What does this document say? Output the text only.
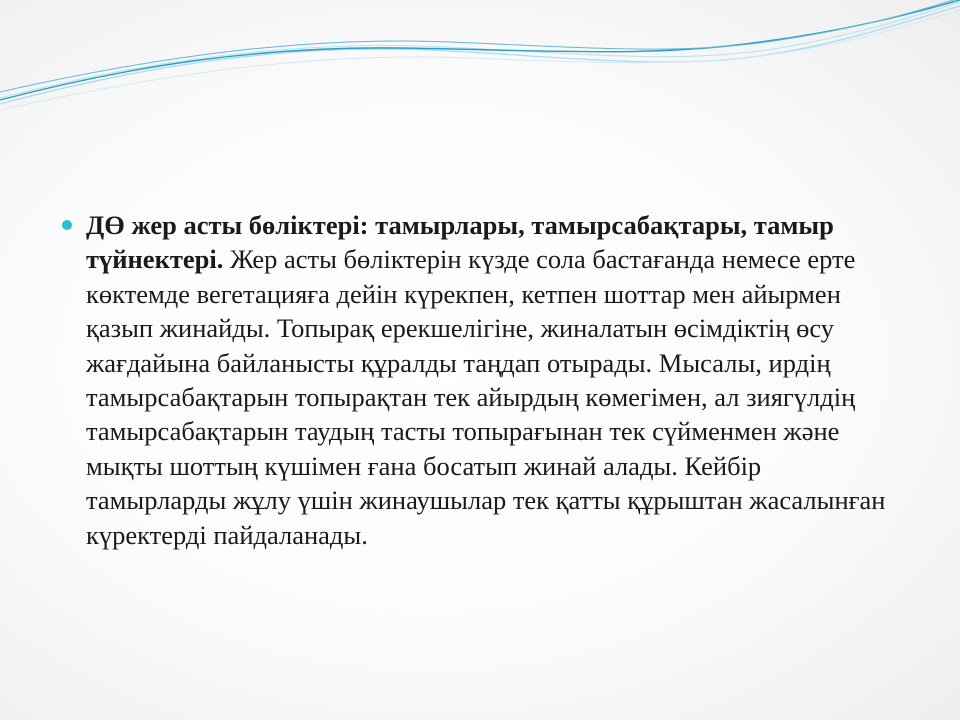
ДӨ жер асты бөліктері: тамырлары, тамырсабақтары, тамыр түйнектері. Жер асты бөліктерін күзде сола бастағанда немесе ерте көктемде вегетацияға дейін күрекпен, кетпен шоттар мен айырмен қазып жинайды. Топырақ ерекшелігіне, жиналатын өсімдіктің өсу жағдайына байланысты құралды таңдап отырады. Мысалы, ирдің тамырсабақтарын топырақтан тек айырдың көмегімен, ал зиягүлдің тамырсабақтарын таудың тасты топырағынан тек сүйменмен және мықты шоттың күшімен ғана босатып жинай алады. Кейбір тамырларды жұлу үшін жинаушылар тек қатты құрыштан жасалынған күректерді пайдаланады.
